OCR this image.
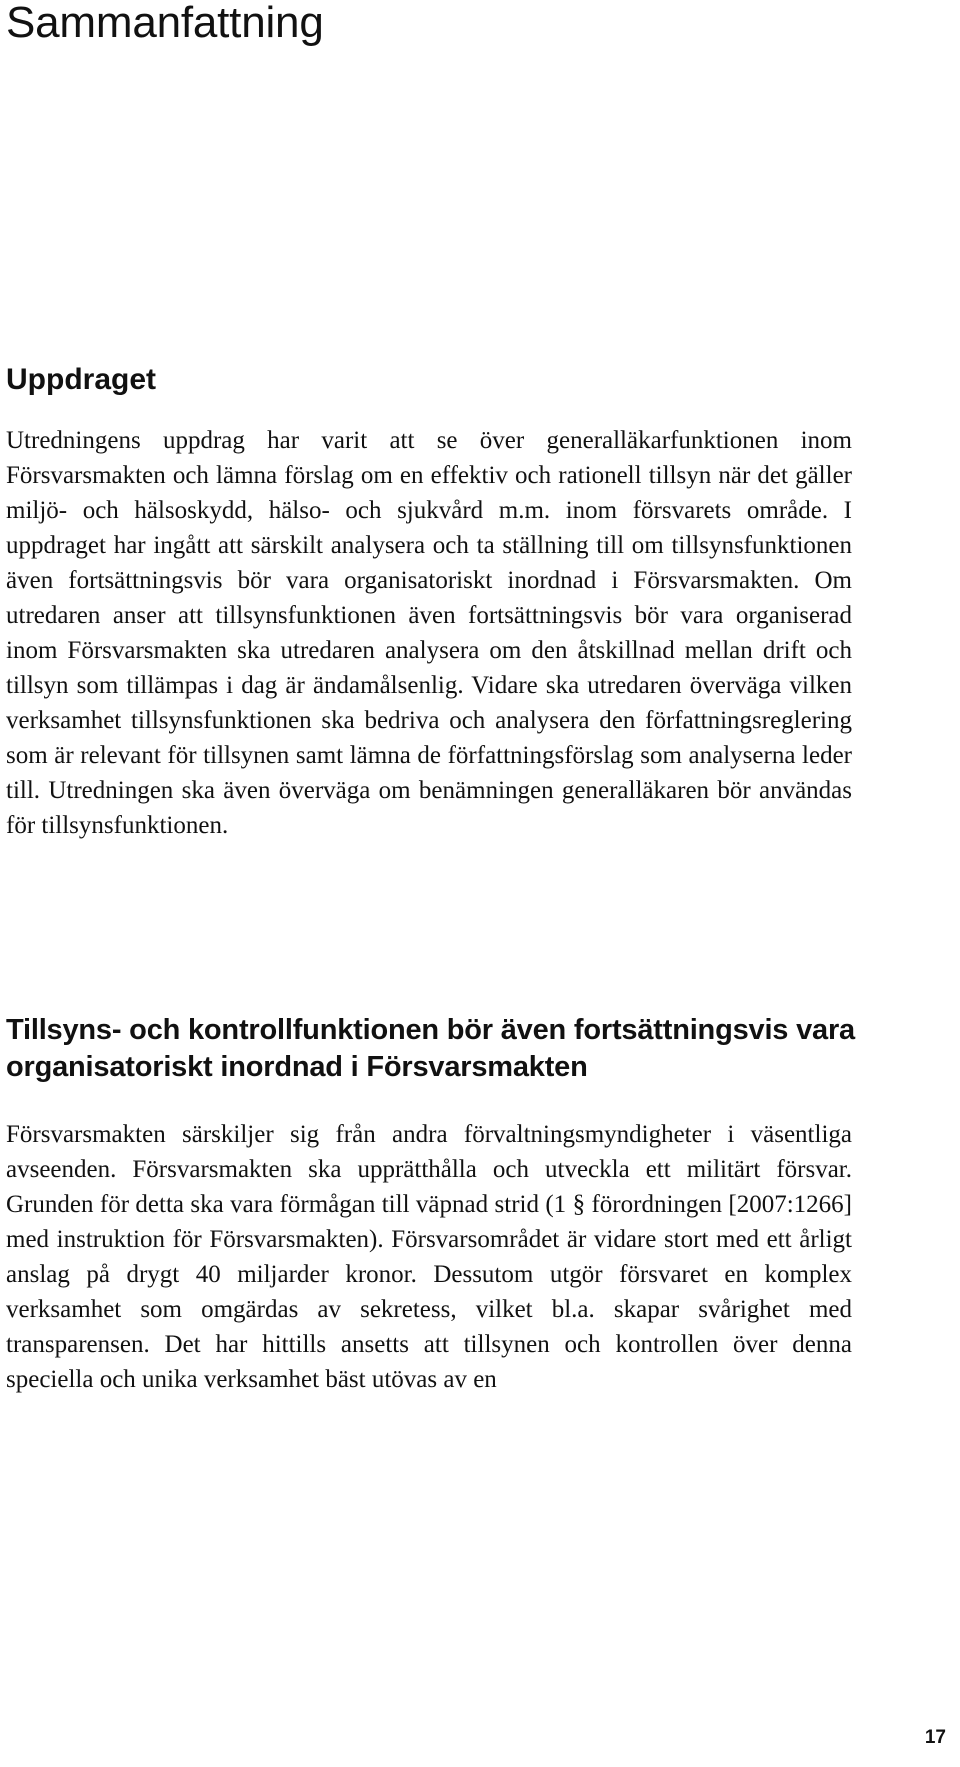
Sammanfattning
Uppdraget

Utredningens uppdrag har varit att se över generalläkarfunktionen inom Försvarsmakten och lämna förslag om en effektiv och rationell tillsyn när det gäller miljö- och hälsoskydd, hälso- och sjukvård m.m. inom försvarets område. I uppdraget har ingått att särskilt analysera och ta ställning till om tillsynsfunktionen även fortsättningsvis bör vara organisatoriskt inordnad i Försvarsmakten. Om utredaren anser att tillsynsfunktionen även fortsättningsvis bör vara organiserad inom Försvarsmakten ska utredaren analysera om den åtskillnad mellan drift och tillsyn som tillämpas i dag är ändamålsenlig. Vidare ska utredaren överväga vilken verksamhet tillsynsfunktionen ska bedriva och analysera den författningsreglering som är relevant för tillsynen samt lämna de författningsförslag som analyserna leder till. Utredningen ska även överväga om benämningen generalläkaren bör användas för tillsynsfunktionen.

Tillsyns- och kontrollfunktionen bör även fortsättningsvis vara organisatoriskt inordnad i Försvarsmakten

Försvarsmakten särskiljer sig från andra förvaltningsmyndigheter i väsentliga avseenden. Försvarsmakten ska upprätthålla och utveckla ett militärt försvar. Grunden för detta ska vara förmågan till väpnad strid (1 § förordningen [2007:1266] med instruktion för Försvarsmakten). Försvarsområdet är vidare stort med ett årligt anslag på drygt 40 miljarder kronor. Dessutom utgör försvaret en komplex verksamhet som omgärdas av sekretess, vilket bl.a. skapar svårighet med transparensen. Det har hittills ansetts att tillsynen och kontrollen över denna speciella och unika verksamhet bäst utövas av en

17
